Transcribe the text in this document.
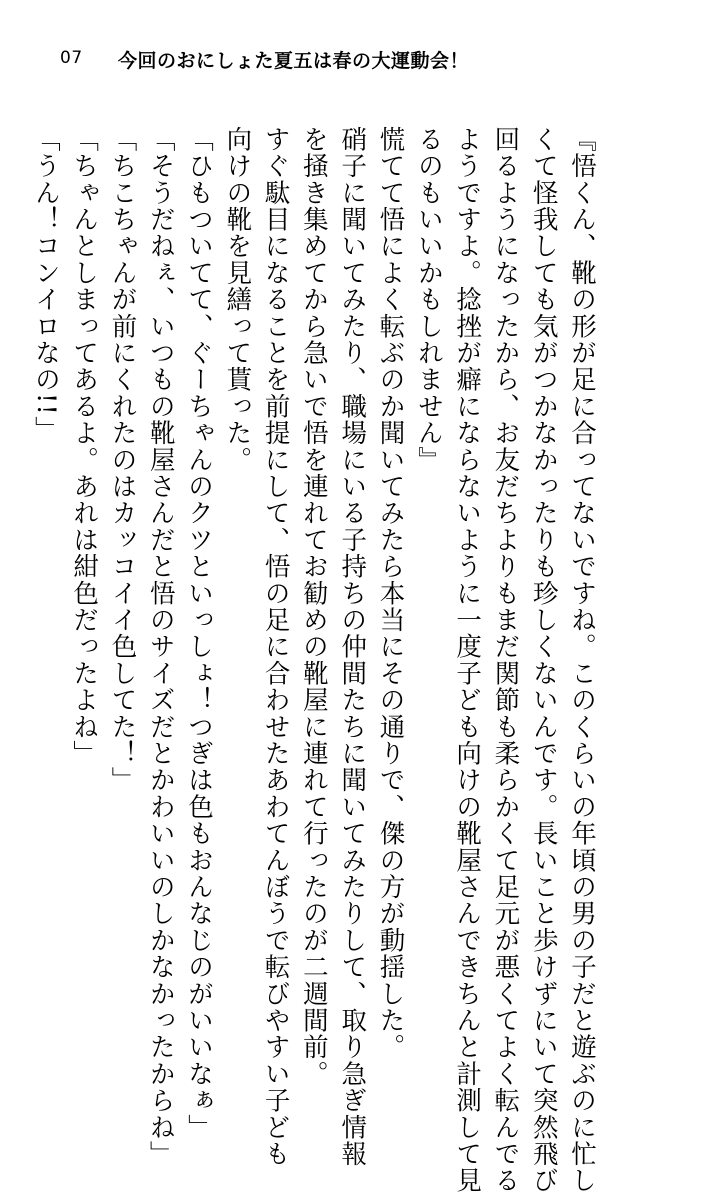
07 今回のおにしょた夏五は春の大運動会！
『悟くん、靴の形が足に合ってないですね。このくらいの年頃の男の子だと遊ぶのに忙し
くて怪我しても気がつかなかったりも珍しくないんです。長いこと歩けずにいて突然飛び
回るようになったから、お友だちよりもまだ関節も柔らかくて足元が悪くてよく転んでる
ようですよ。捻挫が癖にならないように一度子ども向けの靴屋さんできちんと計測して見
るのもいいかもしれません』
慌てて悟によく転ぶのか聞いてみたら本当にその通りで、傑の方が動揺した。
硝子に聞いてみたり、職場にいる子持ちの仲間たちに聞いてみたりして、取り急ぎ情報
を掻き集めてから急いで悟を連れてお勧めの靴屋に連れて行ったのが二週間前。
すぐ駄目になることを前提にして、悟の足に合わせたあわてんぼうで転びやすい子ども
向けの靴を見繕って貰った。
「ひもついてて、ぐーちゃんのクツといっしょ！つぎは色もおんなじのがいいなぁ」
「そうだねぇ、いつもの靴屋さんだと悟のサイズだとかわいいのしかなかったからね」
「ちこちゃんが前にくれたのはカッコイイ色してた！」
「ちゃんとしまってあるよ。あれは紺色だったよね」
「うん！コンイロなの!!」
